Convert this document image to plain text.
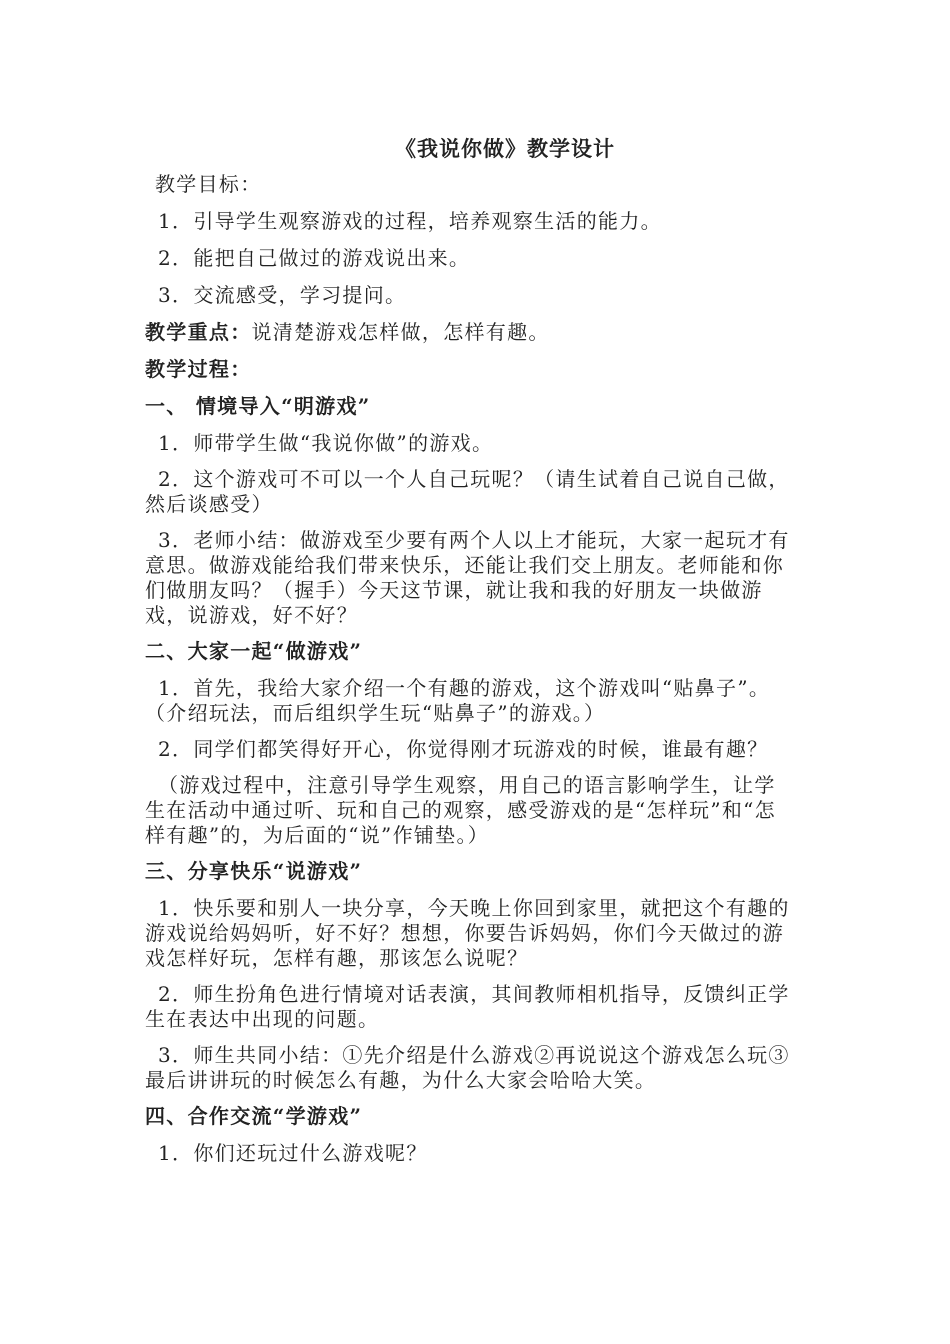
《我说你做》教学设计
教学目标：
1．引导学生观察游戏的过程，培养观察生活的能力。
2．能把自己做过的游戏说出来。
3．交流感受，学习提问。
教学重点：说清楚游戏怎样做，怎样有趣。
教学过程：
一、 情境导入“明游戏”
1．师带学生做“我说你做”的游戏。
2．这个游戏可不可以一个人自己玩呢？（请生试着自己说自己做，然后谈感受）
3．老师小结：做游戏至少要有两个人以上才能玩，大家一起玩才有意思。做游戏能给我们带来快乐，还能让我们交上朋友。老师能和你们做朋友吗？（握手）今天这节课，就让我和我的好朋友一块做游戏，说游戏，好不好？
二、大家一起“做游戏”
1．首先，我给大家介绍一个有趣的游戏，这个游戏叫“贴鼻子”。（介绍玩法，而后组织学生玩“贴鼻子”的游戏。）
2．同学们都笑得好开心，你觉得刚才玩游戏的时候，谁最有趣？
（游戏过程中，注意引导学生观察，用自己的语言影响学生，让学生在活动中通过听、玩和自己的观察，感受游戏的是“怎样玩”和“怎样有趣”的，为后面的“说”作铺垫。）
三、分享快乐“说游戏”
1．快乐要和别人一块分享，今天晚上你回到家里，就把这个有趣的游戏说给妈妈听，好不好？想想，你要告诉妈妈，你们今天做过的游戏怎样好玩，怎样有趣，那该怎么说呢？
2．师生扮角色进行情境对话表演，其间教师相机指导，反馈纠正学生在表达中出现的问题。
3．师生共同小结：①先介绍是什么游戏②再说说这个游戏怎么玩③最后讲讲玩的时候怎么有趣，为什么大家会哈哈大笑。
四、合作交流“学游戏”
1．你们还玩过什么游戏呢？
